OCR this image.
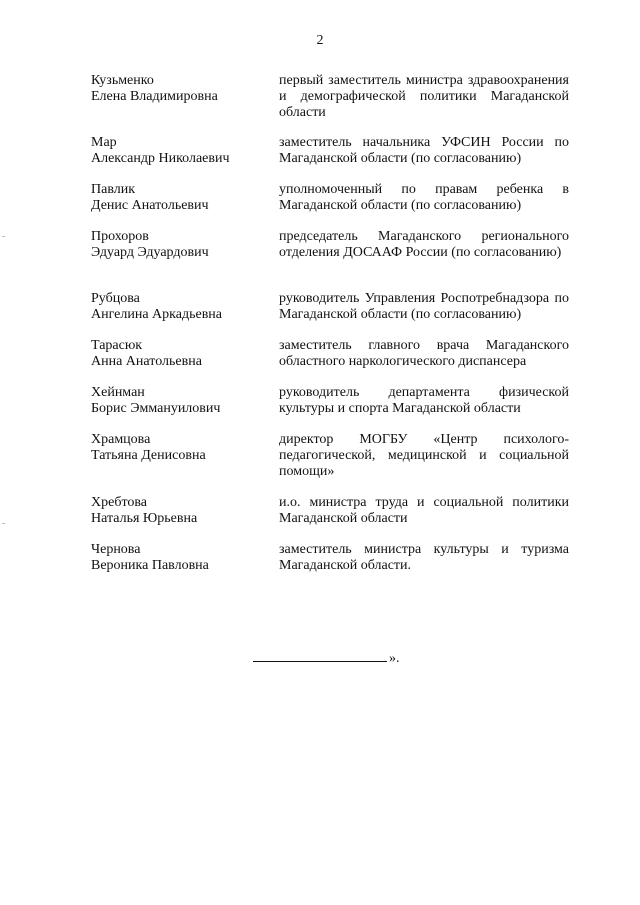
2
Кузьменко
Елена Владимировна
первый заместитель министра здравоохранения и демографической политики Магаданской области
Мар
Александр Николаевич
заместитель начальника УФСИН России по Магаданской области (по согласованию)
Павлик
Денис Анатольевич
уполномоченный по правам ребенка в Магаданской области (по согласованию)
Прохоров
Эдуард Эдуардович
председатель Магаданского регионального отделения ДОСААФ России (по согласованию)
Рубцова
Ангелина Аркадьевна
руководитель Управления Роспотребнадзора по Магаданской области (по согласованию)
Тарасюк
Анна Анатольевна
заместитель главного врача Магаданского областного наркологического диспансера
Хейнман
Борис Эммануилович
руководитель департамента физической культуры и спорта Магаданской области
Храмцова
Татьяна Денисовна
директор МОГБУ «Центр психолого-педагогической, медицинской и социальной помощи»
Хребтова
Наталья Юрьевна
и.о. министра труда и социальной политики Магаданской области
Чернова
Вероника Павловна
заместитель министра культуры и туризма Магаданской области.
».
